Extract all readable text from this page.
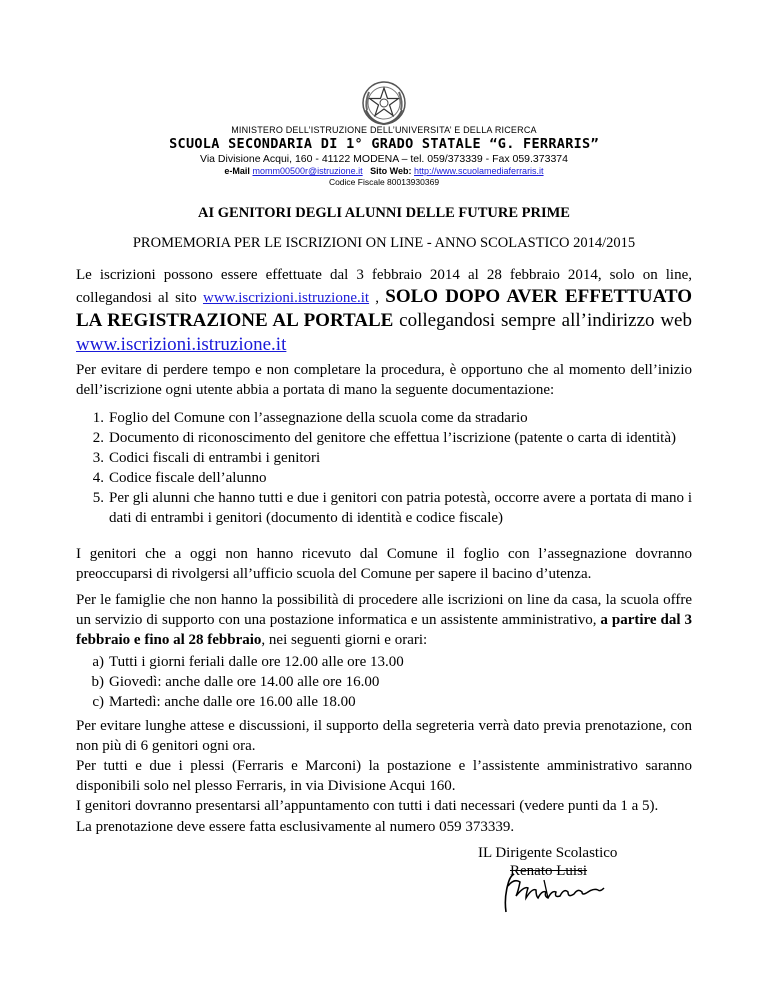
MINISTERO DELL’ISTRUZIONE DELL’UNIVERSITA’ E DELLA RICERCA
SCUOLA SECONDARIA DI 1° GRADO STATALE “G. FERRARIS”
Via Divisione Acqui, 160 - 41122 MODENA – tel. 059/373339 - Fax 059.373374
e-Mail momm00500r@istruzione.it Sito Web: http://www.scuolamediaferraris.it
Codice Fiscale 80013930369
AI GENITORI DEGLI ALUNNI DELLE FUTURE PRIME
PROMEMORIA PER LE ISCRIZIONI ON LINE - ANNO SCOLASTICO 2014/2015
Le iscrizioni possono essere effettuate dal 3 febbraio 2014 al 28 febbraio 2014, solo on line, collegandosi al sito www.iscrizioni.istruzione.it , SOLO DOPO AVER EFFETTUATO LA REGISTRAZIONE AL PORTALE collegandosi sempre all’indirizzo web www.iscrizioni.istruzione.it
Per evitare di perdere tempo e non completare la procedura, è opportuno che al momento dell’inizio dell’iscrizione ogni utente abbia a portata di mano la seguente documentazione:
1. Foglio del Comune con l’assegnazione della scuola come da stradario
2. Documento di riconoscimento del genitore che effettua l’iscrizione (patente o carta di identità)
3. Codici fiscali di entrambi i genitori
4. Codice fiscale dell’alunno
5. Per gli alunni che hanno tutti e due i genitori con patria potestà, occorre avere a portata di mano i dati di entrambi i genitori (documento di identità e codice fiscale)
I genitori che a oggi non hanno ricevuto dal Comune il foglio con l’assegnazione dovranno preoccuparsi di rivolgersi all’ufficio scuola del Comune per sapere il bacino d’utenza.
Per le famiglie che non hanno la possibilità di procedere alle iscrizioni on line da casa, la scuola offre un servizio di supporto con una postazione informatica e un assistente amministrativo, a partire dal 3 febbraio e fino al 28 febbraio, nei seguenti giorni e orari:
a) Tutti i giorni feriali dalle ore 12.00 alle ore 13.00
b) Giovedì: anche dalle ore 14.00 alle ore 16.00
c) Martedì: anche dalle ore 16.00 alle 18.00
Per evitare lunghe attese e discussioni, il supporto della segreteria verrà dato previa prenotazione, con non più di 6 genitori ogni ora.
Per tutti e due i plessi (Ferraris e Marconi) la postazione e l’assistente amministrativo saranno disponibili solo nel plesso Ferraris, in via Divisione Acqui 160.
I genitori dovranno presentarsi all’appuntamento con tutti i dati necessari (vedere punti da 1 a 5).
La prenotazione deve essere fatta esclusivamente al numero 059 373339.
IL Dirigente Scolastico
Renato Luisi
